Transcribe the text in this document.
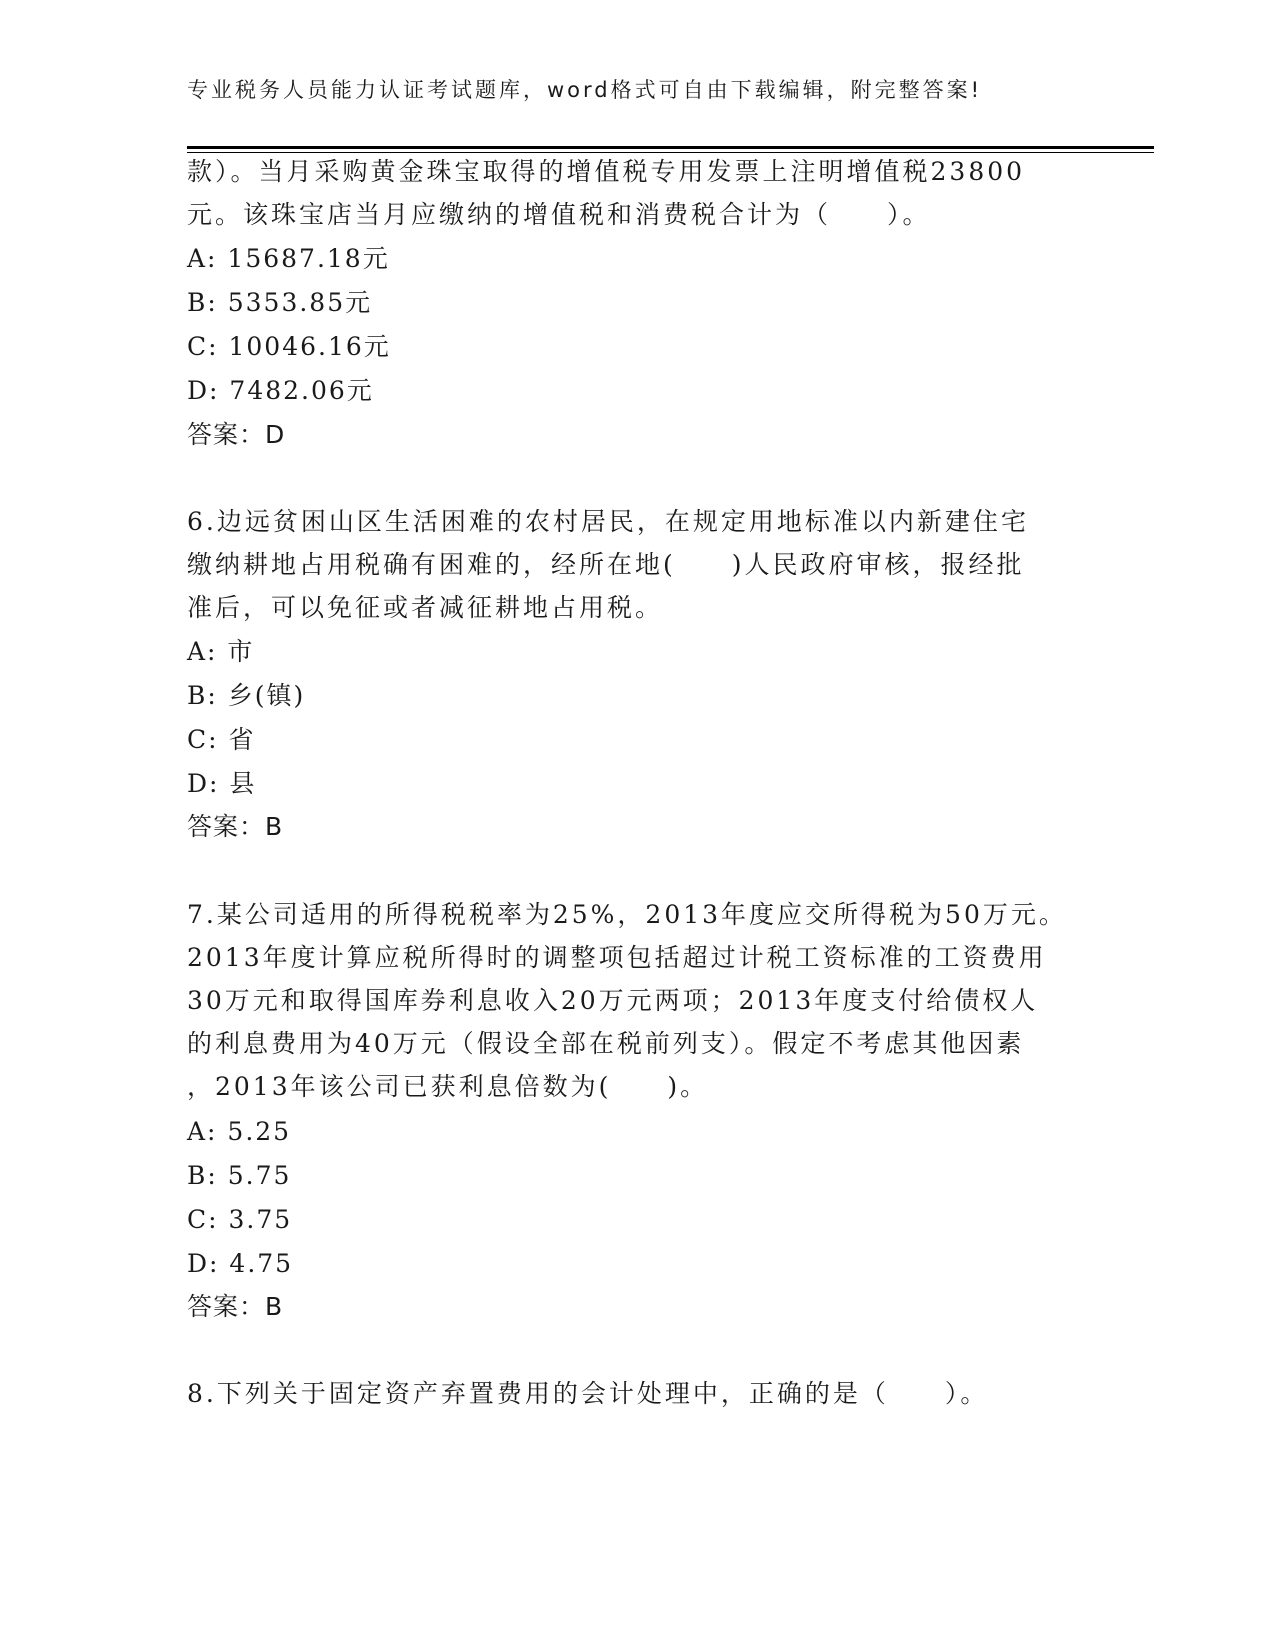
专业税务人员能力认证考试题库，word格式可自由下载编辑，附完整答案!
款）。当月采购黄金珠宝取得的增值税专用发票上注明增值税23800
元。该珠宝店当月应缴纳的增值税和消费税合计为（　　）。
A: 15687.18元
B: 5353.85元
C: 10046.16元
D: 7482.06元
答案：D
6.边远贫困山区生活困难的农村居民，在规定用地标准以内新建住宅
缴纳耕地占用税确有困难的，经所在地(　　)人民政府审核，报经批
准后，可以免征或者减征耕地占用税。
A: 市
B: 乡(镇)
C: 省
D: 县
答案：B
7.某公司适用的所得税税率为25%，2013年度应交所得税为50万元。
2013年度计算应税所得时的调整项包括超过计税工资标准的工资费用
30万元和取得国库券利息收入20万元两项；2013年度支付给债权人
的利息费用为40万元（假设全部在税前列支）。假定不考虑其他因素
，2013年该公司已获利息倍数为(　　)。
A: 5.25
B: 5.75
C: 3.75
D: 4.75
答案：B
8.下列关于固定资产弃置费用的会计处理中，正确的是（　　）。
